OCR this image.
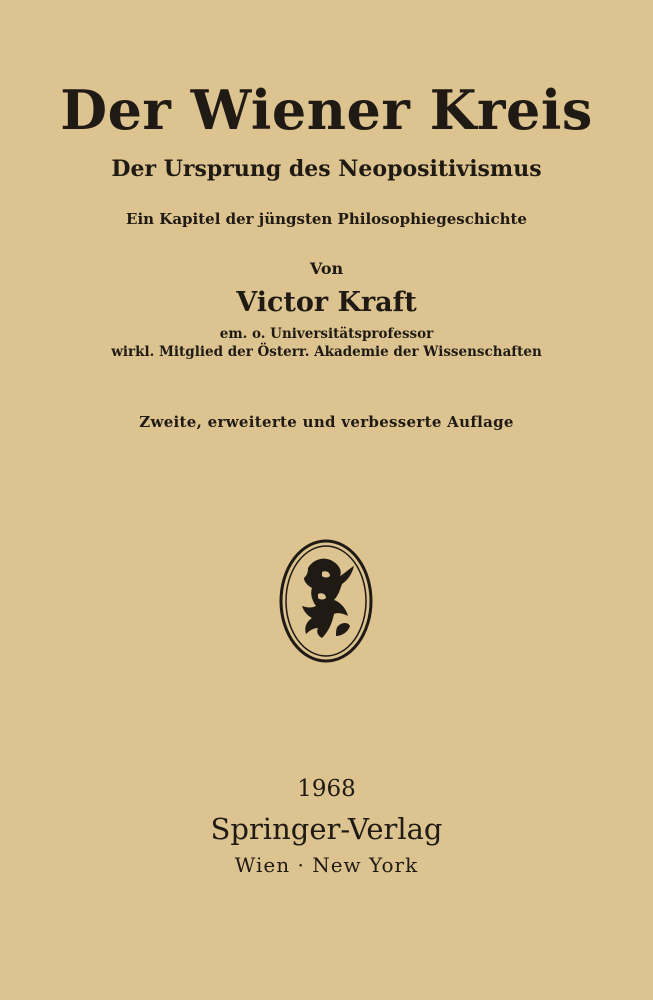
Der Wiener Kreis
Der Ursprung des Neopositivismus
Ein Kapitel der jüngsten Philosophiegeschichte
Von
Victor Kraft
em. o. Universitätsprofessor
wirkl. Mitglied der Österr. Akademie der Wissenschaften
Zweite, erweiterte und verbesserte Auflage
1968
Springer-Verlag
Wien · New York
